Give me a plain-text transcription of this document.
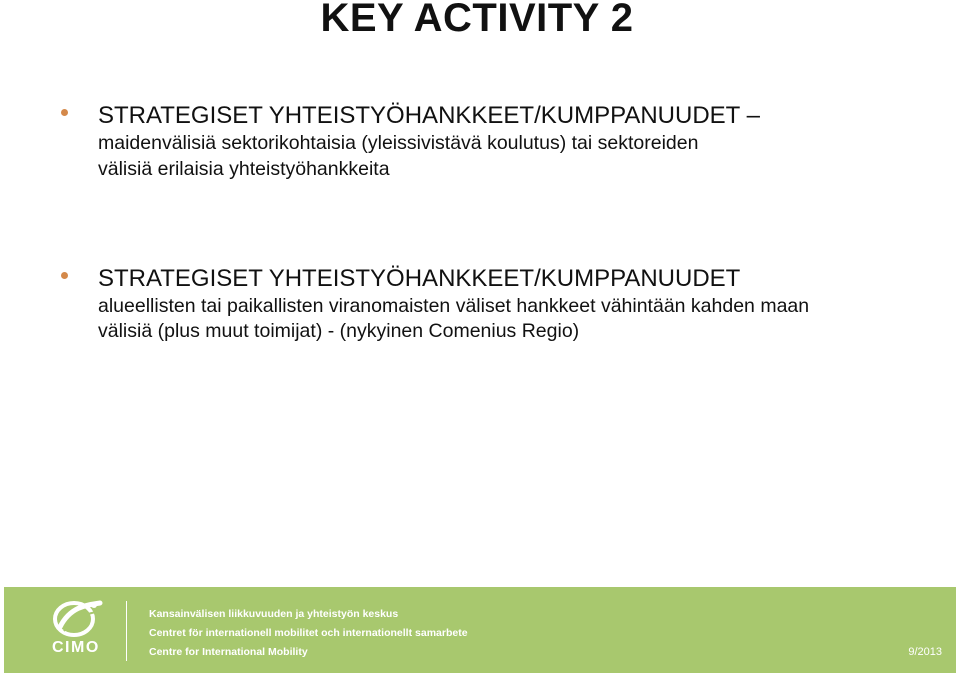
KEY ACTIVITY 2
STRATEGISET YHTEISTYÖHANKKEET/KUMPPANUUDET –
maidenvälisiä sektorikohtaisia (yleissivistävä koulutus) tai sektoreiden
välisiä erilaisia yhteistyöhankkeita
STRATEGISET YHTEISTYÖHANKKEET/KUMPPANUUDET
alueellisten tai paikallisten viranomaisten väliset hankkeet vähintään kahden maan
välisiä (plus muut toimijat) - (nykyinen Comenius Regio)
CIMO
Kansainvälisen liikkuvuuden ja yhteistyön keskus
Centret för internationell mobilitet och internationellt samarbete
Centre for International Mobility	9/2013
